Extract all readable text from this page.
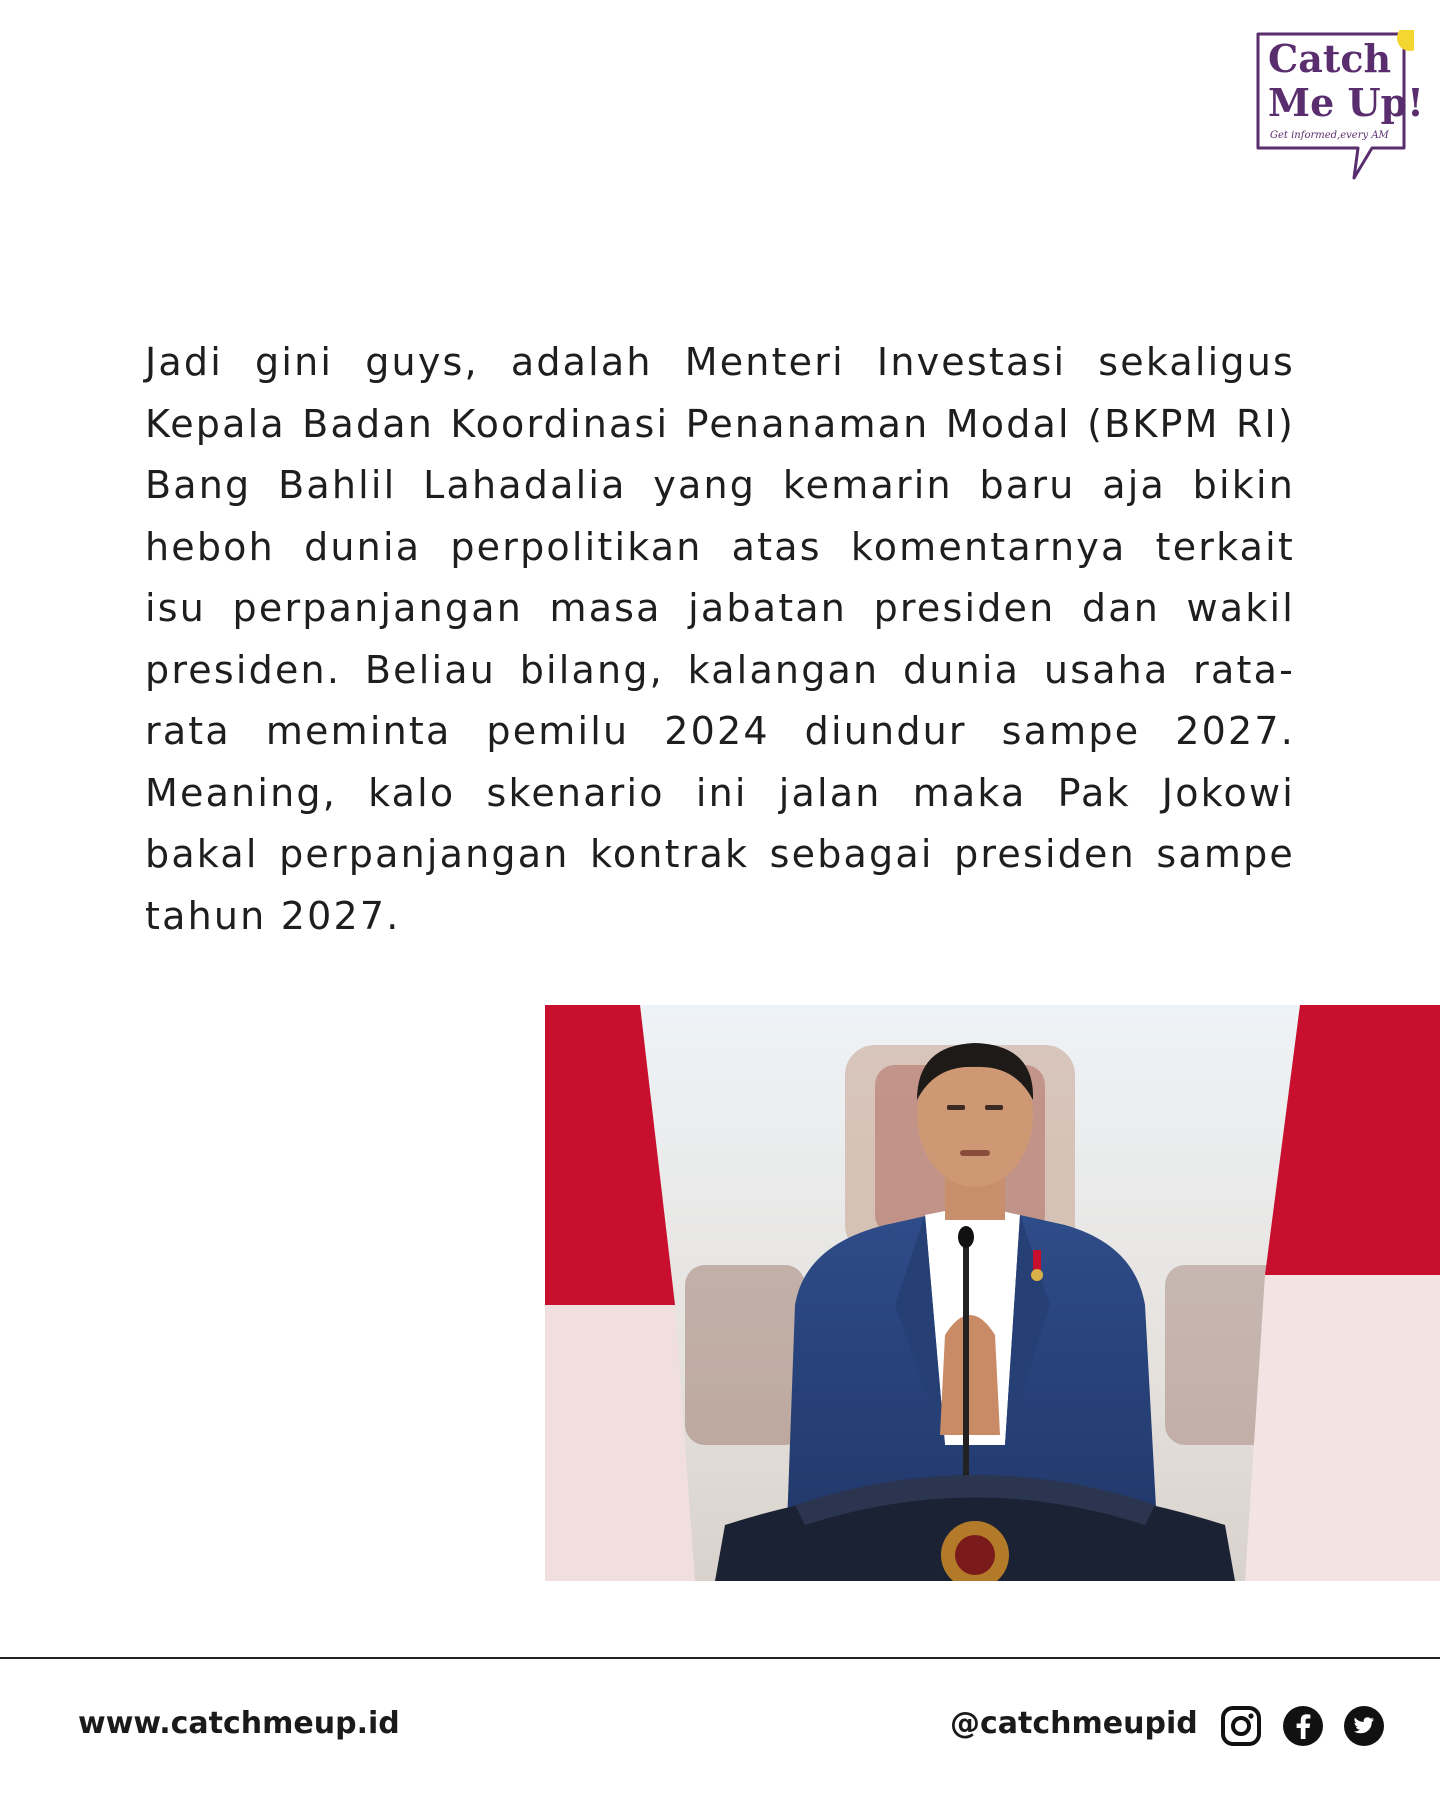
Catch
Me Up!
Get informed,every AM

Jadi gini guys, adalah Menteri Investasi sekaligus Kepala Badan Koordinasi Penanaman Modal (BKPM RI) Bang Bahlil Lahadalia yang kemarin baru aja bikin heboh dunia perpolitikan atas komentarnya terkait isu perpanjangan masa jabatan presiden dan wakil presiden. Beliau bilang, kalangan dunia usaha rata-rata meminta pemilu 2024 diundur sampe 2027. Meaning, kalo skenario ini jalan maka Pak Jokowi bakal perpanjangan kontrak sebagai presiden sampe tahun 2027.

www.catchmeup.id	@catchmeupid
